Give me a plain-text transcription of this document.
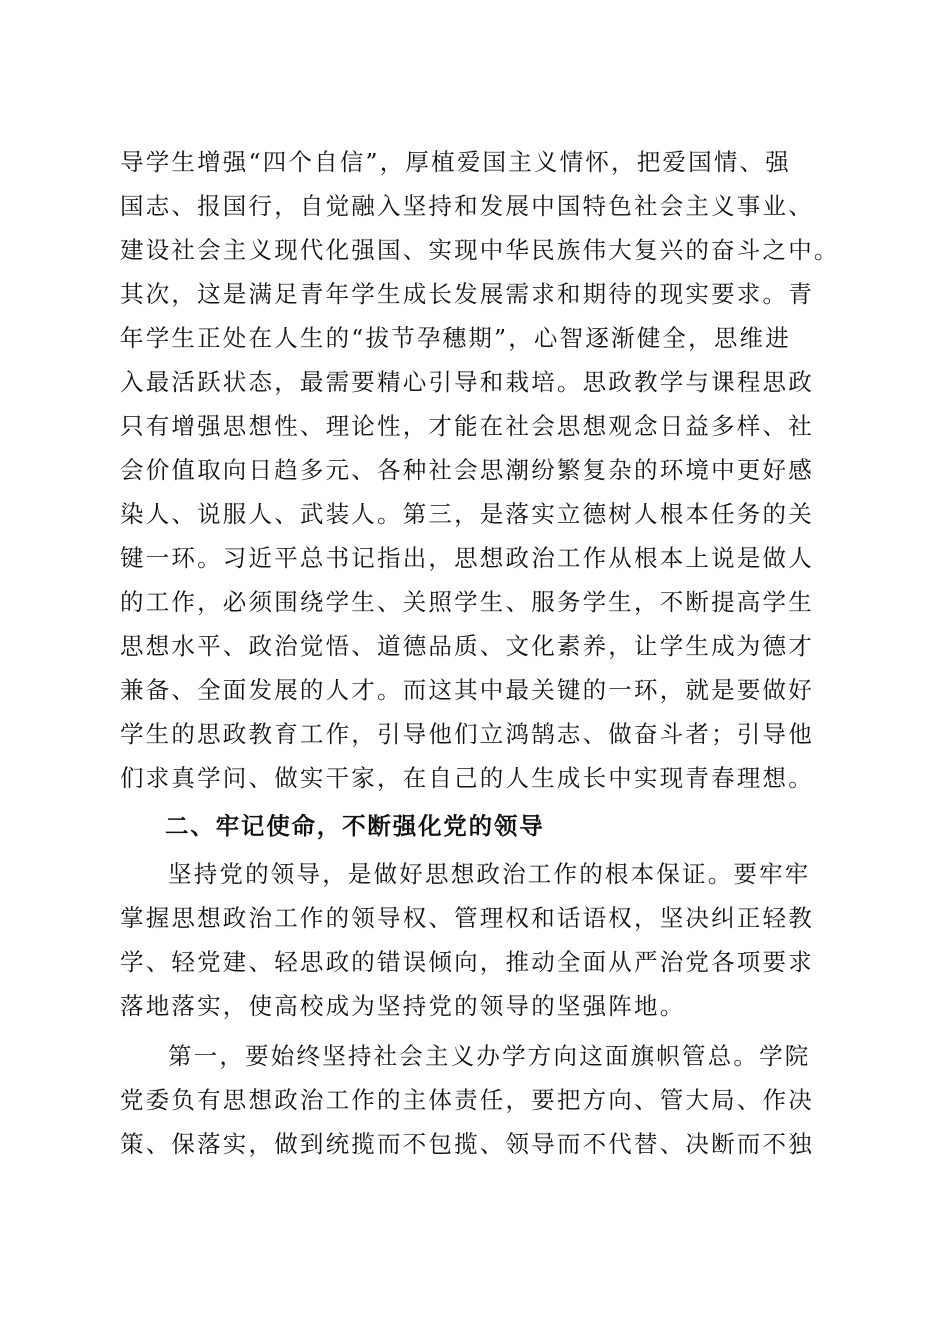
导学生增强“四个自信”，厚植爱国主义情怀，把爱国情、强
国志、报国行，自觉融入坚持和发展中国特色社会主义事业、
建设社会主义现代化强国、实现中华民族伟大复兴的奋斗之中。
其次，这是满足青年学生成长发展需求和期待的现实要求。青
年学生正处在人生的“拔节孕穗期”，心智逐渐健全，思维进
入最活跃状态，最需要精心引导和栽培。思政教学与课程思政
只有增强思想性、理论性，才能在社会思想观念日益多样、社
会价值取向日趋多元、各种社会思潮纷繁复杂的环境中更好感
染人、说服人、武装人。第三，是落实立德树人根本任务的关
键一环。习近平总书记指出，思想政治工作从根本上说是做人
的工作，必须围绕学生、关照学生、服务学生，不断提高学生
思想水平、政治觉悟、道德品质、文化素养，让学生成为德才
兼备、全面发展的人才。而这其中最关键的一环，就是要做好
学生的思政教育工作，引导他们立鸿鹄志、做奋斗者；引导他
们求真学问、做实干家，在自己的人生成长中实现青春理想。
二、牢记使命，不断强化党的领导
坚持党的领导，是做好思想政治工作的根本保证。要牢牢
掌握思想政治工作的领导权、管理权和话语权，坚决纠正轻教
学、轻党建、轻思政的错误倾向，推动全面从严治党各项要求
落地落实，使高校成为坚持党的领导的坚强阵地。
第一，要始终坚持社会主义办学方向这面旗帜管总。学院
党委负有思想政治工作的主体责任，要把方向、管大局、作决
策、保落实，做到统揽而不包揽、领导而不代替、决断而不独
